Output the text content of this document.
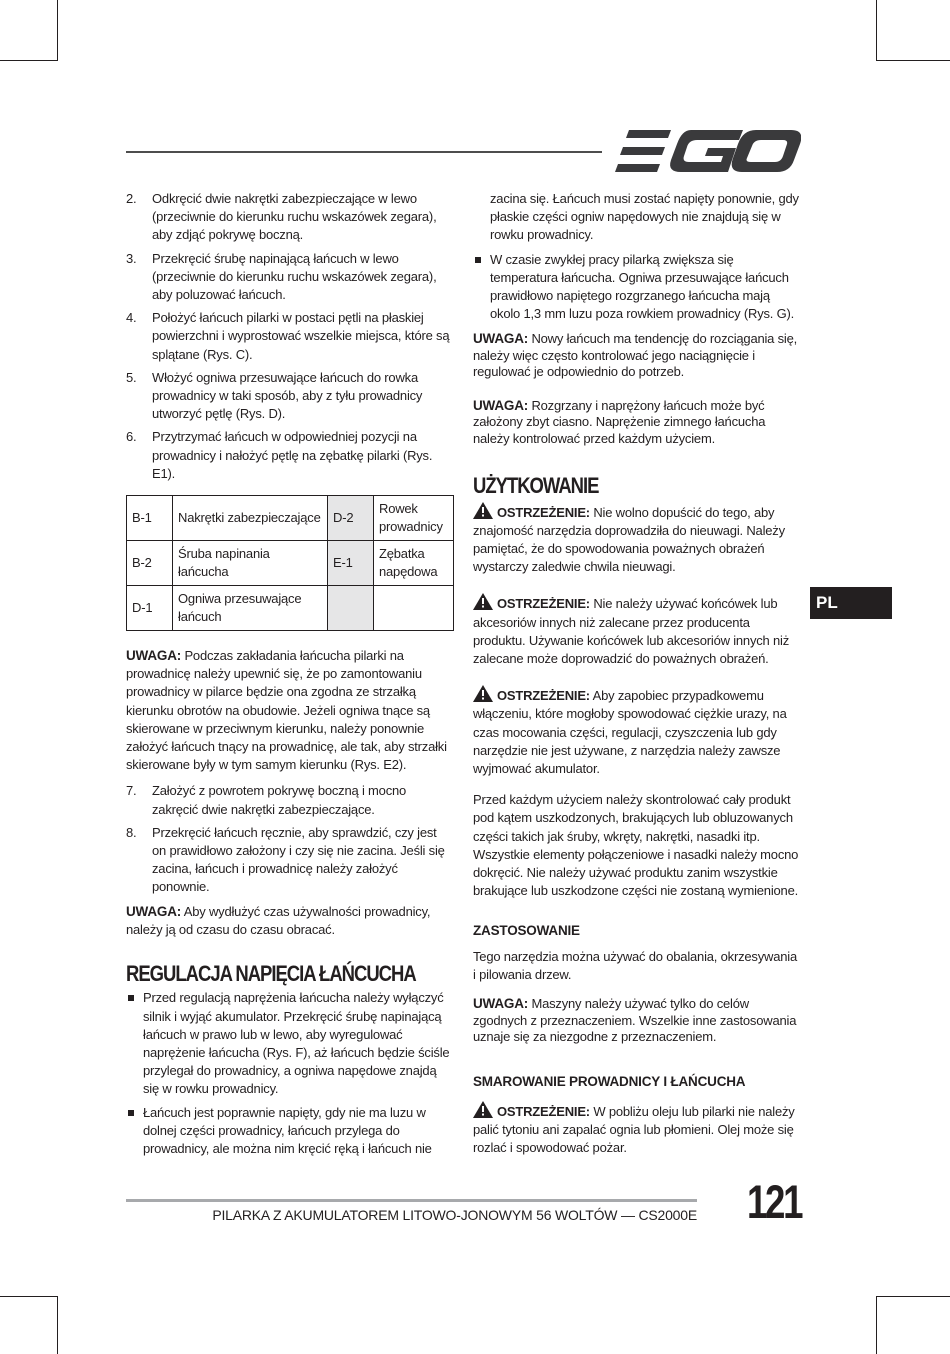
2.	Odkręcić dwie nakrętki zabezpieczające w lewo (przeciwnie do kierunku ruchu wskazówek zegara), aby zdjąć pokrywę boczną.
3.	Przekręcić śrubę napinającą łańcuch w lewo (przeciwnie do kierunku ruchu wskazówek zegara), aby poluzować łańcuch.
4.	Położyć łańcuch pilarki w postaci pętli na płaskiej powierzchni i wyprostować wszelkie miejsca, które są splątane (Rys. C).
5.	Włożyć ogniwa przesuwające łańcuch do rowka prowadnicy w taki sposób, aby z tyłu prowadnicy utworzyć pętlę (Rys. D).
6.	Przytrzymać łańcuch w odpowiedniej pozycji na prowadnicy i nałożyć pętlę na zębatkę pilarki (Rys. E1).
B-1	Nakrętki zabezpieczające	D-2	Rowek prowadnicy
B-2	Śruba napinania łańcucha	E-1	Zębatka napędowa
D-1	Ogniwa przesuwające łańcuch		

UWAGA: Podczas zakładania łańcucha pilarki na prowadnicę należy upewnić się, że po zamontowaniu prowadnicy w pilarce będzie ona zgodna ze strzałką kierunku obrotów na obudowie. Jeżeli ogniwa tnące są skierowane w przeciwnym kierunku, należy ponownie założyć łańcuch tnący na prowadnicę, ale tak, aby strzałki skierowane były w tym samym kierunku (Rys. E2).

7.	Założyć z powrotem pokrywę boczną i mocno zakręcić dwie nakrętki zabezpieczające.
8.	Przekręcić łańcuch ręcznie, aby sprawdzić, czy jest on prawidłowo założony i czy się nie zacina. Jeśli się zacina, łańcuch i prowadnicę należy założyć ponownie.

UWAGA: Aby wydłużyć czas używalności prowadnicy, należy ją od czasu do czasu obracać.

REGULACJA NAPIĘCIA ŁAŃCUCHA
Przed regulacją naprężenia łańcucha należy wyłączyć silnik i wyjąć akumulator. Przekręcić śrubę napinającą łańcuch w prawo lub w lewo, aby wyregulować naprężenie łańcucha (Rys. F), aż łańcuch będzie ściśle przylegał do prowadnicy, a ogniwa napędowe znajdą się w rowku prowadnicy.
Łańcuch jest poprawnie napięty, gdy nie ma luzu w dolnej części prowadnicy, łańcuch przylega do prowadnicy, ale można nim kręcić ręką i łańcuch nie

zacina się. Łańcuch musi zostać napięty ponownie, gdy płaskie części ogniw napędowych nie znajdują się w rowku prowadnicy.

W czasie zwykłej pracy pilarką zwiększa się temperatura łańcucha. Ogniwa przesuwające łańcuch prawidłowo napiętego rozgrzanego łańcucha mają okolo 1,3 mm luzu poza rowkiem prowadnicy (Rys. G).

UWAGA: Nowy łańcuch ma tendencję do rozciągania się, należy więc często kontrolować jego naciągnięcie i regulować je odpowiednio do potrzeb.

UWAGA: Rozgrzany i naprężony łańcuch może być założony zbyt ciasno. Naprężenie zimnego łańcucha należy kontrolować przed każdym użyciem.

UŻYTKOWANIE

OSTRZEŻENIE: Nie wolno dopuścić do tego, aby znajomość narzędzia doprowadziła do nieuwagi. Należy pamiętać, że do spowodowania poważnych obrażeń wystarczy zaledwie chwila nieuwagi.

OSTRZEŻENIE: Nie należy używać końcówek lub akcesoriów innych niż zalecane przez producenta produktu. Używanie końcówek lub akcesoriów innych niż zalecane może doprowadzić do poważnych obrażeń.

OSTRZEŻENIE: Aby zapobiec przypadkowemu włączeniu, które mogłoby spowodować ciężkie urazy, na czas mocowania części, regulacji, czyszczenia lub gdy narzędzie nie jest używane, z narzędzia należy zawsze wyjmować akumulator.

Przed każdym użyciem należy skontrolować cały produkt pod kątem uszkodzonych, brakujących lub obluzowanych części takich jak śruby, wkręty, nakrętki, nasadki itp. Wszystkie elementy połączeniowe i nasadki należy mocno dokręcić. Nie należy używać produktu zanim wszystkie brakujące lub uszkodzone części nie zostaną wymienione.

ZASTOSOWANIE

Tego narzędzia można używać do obalania, okrzesywania i pilowania drzew.

UWAGA: Maszyny należy używać tylko do celów zgodnych z przeznaczeniem. Wszelkie inne zastosowania uznaje się za niezgodne z przeznaczeniem.

SMAROWANIE PROWADNICY I ŁAŃCUCHA

OSTRZEŻENIE: W pobliżu oleju lub pilarki nie należy palić tytoniu ani zapalać ognia lub płomieni. Olej może się rozlać i spowodować pożar.

PL
PILARKA Z AKUMULATOREM LITOWO-JONOWYM 56 WOLTÓW — CS2000E 121
